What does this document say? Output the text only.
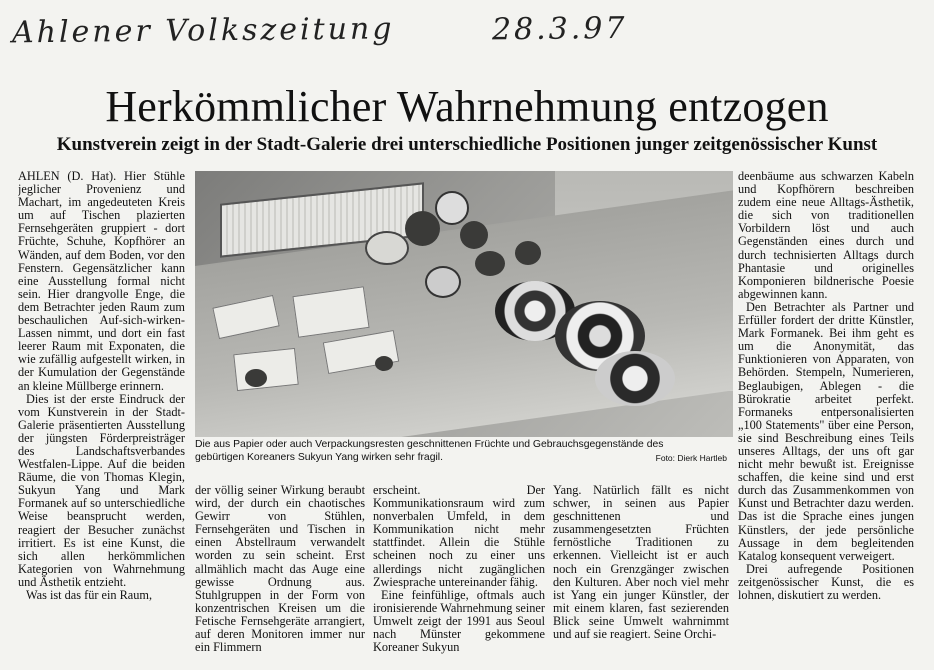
Ahlener Volkszeitung	28.3.97
Herkömmlicher Wahrnehmung entzogen
Kunstverein zeigt in der Stadt-Galerie drei unterschiedliche Positionen junger zeitgenössischer Kunst

AHLEN (D. Hat). Hier Stühle jeglicher Provenienz und Machart, im angedeuteten Kreis um auf Tischen plazierten Fernsehgeräten gruppiert - dort Früchte, Schuhe, Kopfhörer an Wänden, auf dem Boden, vor den Fenstern. Gegensätzlicher kann eine Ausstellung formal nicht sein. Hier drangvolle Enge, die dem Betrachter jeden Raum zum beschaulichen Auf-sich-wirken-Lassen nimmt, und dort ein fast leerer Raum mit Exponaten, die wie zufällig aufgestellt wirken, in der Kumulation der Gegenstände an kleine Müllberge erinnern.

Dies ist der erste Eindruck der vom Kunstverein in der Stadt-Galerie präsentierten Ausstellung der jüngsten Förderpreisträger des Landschaftsverbandes Westfalen-Lippe. Auf die beiden Räume, die von Thomas Klegin, Sukyun Yang und Mark Formanek auf so unterschiedliche Weise beansprucht werden, reagiert der Besucher zunächst irritiert. Es ist eine Kunst, die sich allen herkömmlichen Kategorien von Wahrnehmung und Ästhetik entzieht.

Was ist das für ein Raum,

Die aus Papier oder auch Verpackungsresten geschnittenen Früchte und Gebrauchsgegenstände des gebürtigen Koreaners Sukyun Yang wirken sehr fragil.	Foto: Dierk Hartleb

der völlig seiner Wirkung beraubt wird, der durch ein chaotisches Gewirr von Stühlen, Fernsehgeräten und Tischen in einen Abstellraum verwandelt worden zu sein scheint. Erst allmählich macht das Auge eine gewisse Ordnung aus. Stuhlgruppen in der Form von konzentrischen Kreisen um die Fetische Fernsehgeräte arrangiert, auf deren Monitoren immer nur ein Flimmern

erscheint. Der Kommunikationsraum wird zum nonverbalen Umfeld, in dem Kommunikation nicht mehr stattfindet. Allein die Stühle scheinen noch zu einer uns allerdings nicht zugänglichen Zwiesprache untereinander fähig.

Eine feinfühlige, oftmals auch ironisierende Wahrnehmung seiner Umwelt zeigt der 1991 aus Seoul nach Münster gekommene Koreaner Sukyun

Yang. Natürlich fällt es nicht schwer, in seinen aus Papier geschnittenen und zusammengesetzten Früchten fernöstliche Traditionen zu erkennen. Vielleicht ist er auch noch ein Grenzgänger zwischen den Kulturen. Aber noch viel mehr ist Yang ein junger Künstler, der mit einem klaren, fast sezierenden Blick seine Umwelt wahrnimmt und auf sie reagiert. Seine Orchi-

deenbäume aus schwarzen Kabeln und Kopfhörern beschreiben zudem eine neue Alltags-Ästhetik, die sich von traditionellen Vorbildern löst und auch Gegenständen eines durch und durch technisierten Alltags durch Phantasie und originelles Komponieren bildnerische Poesie abgewinnen kann.

Den Betrachter als Partner und Erfüller fordert der dritte Künstler, Mark Formanek. Bei ihm geht es um die Anonymität, das Funktionieren von Apparaten, von Behörden. Stempeln, Numerieren, Beglaubigen, Ablegen - die Bürokratie arbeitet perfekt. Formaneks entpersonalisierten „100 Statements" über eine Person, sie sind Beschreibung eines Teils unseres Alltags, der uns oft gar nicht mehr bewußt ist. Ereignisse schaffen, die keine sind und erst durch das Zusammenkommen von Kunst und Betrachter dazu werden. Das ist die Sprache eines jungen Künstlers, der jede persönliche Aussage in dem begleitenden Katalog konsequent verweigert.

Drei aufregende Positionen zeitgenössischer Kunst, die es lohnen, diskutiert zu werden.
